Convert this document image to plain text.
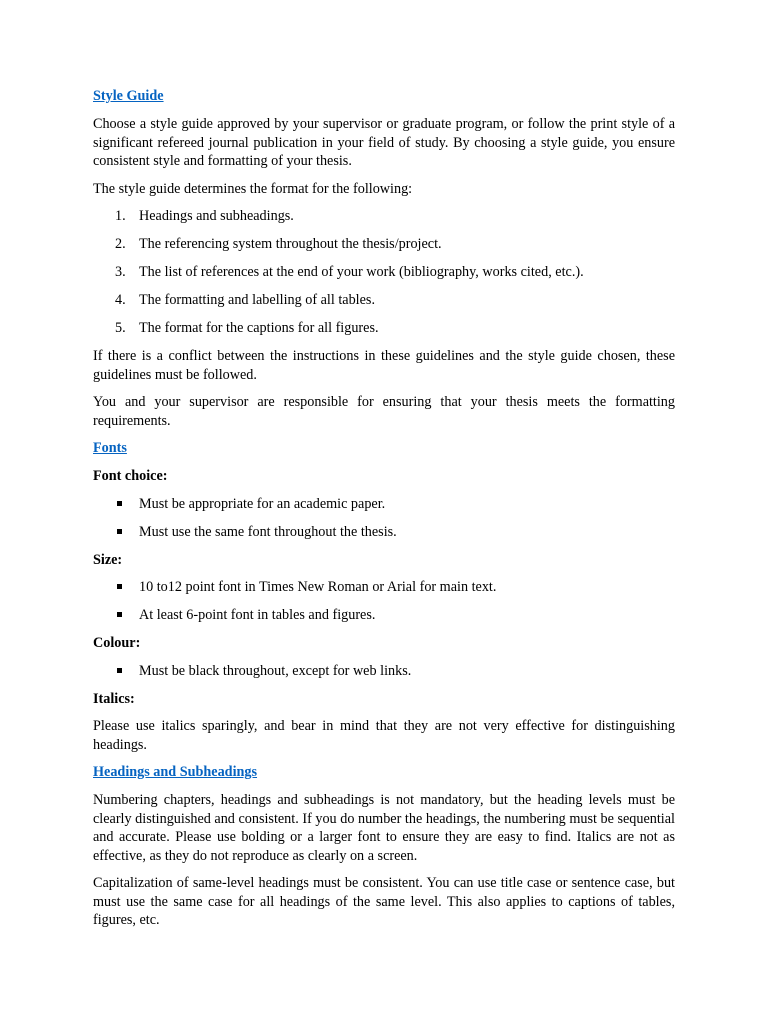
Style Guide

Choose a style guide approved by your supervisor or graduate program, or follow the print style of a significant refereed journal publication in your field of study. By choosing a style guide, you ensure consistent style and formatting of your thesis.

The style guide determines the format for the following:

1. Headings and subheadings.
2. The referencing system throughout the thesis/project.
3. The list of references at the end of your work (bibliography, works cited, etc.).
4. The formatting and labelling of all tables.
5. The format for the captions for all figures.

If there is a conflict between the instructions in these guidelines and the style guide chosen, these guidelines must be followed.

You and your supervisor are responsible for ensuring that your thesis meets the formatting requirements.

Fonts
Font choice:
Must be appropriate for an academic paper.
Must use the same font throughout the thesis.
Size:
10 to12 point font in Times New Roman or Arial for main text.
At least 6-point font in tables and figures.
Colour:
Must be black throughout, except for web links.
Italics:

Please use italics sparingly, and bear in mind that they are not very effective for distinguishing headings.

Headings and Subheadings

Numbering chapters, headings and subheadings is not mandatory, but the heading levels must be clearly distinguished and consistent. If you do number the headings, the numbering must be sequential and accurate. Please use bolding or a larger font to ensure they are easy to find. Italics are not as effective, as they do not reproduce as clearly on a screen.

Capitalization of same-level headings must be consistent. You can use title case or sentence case, but must use the same case for all headings of the same level. This also applies to captions of tables, figures, etc.
